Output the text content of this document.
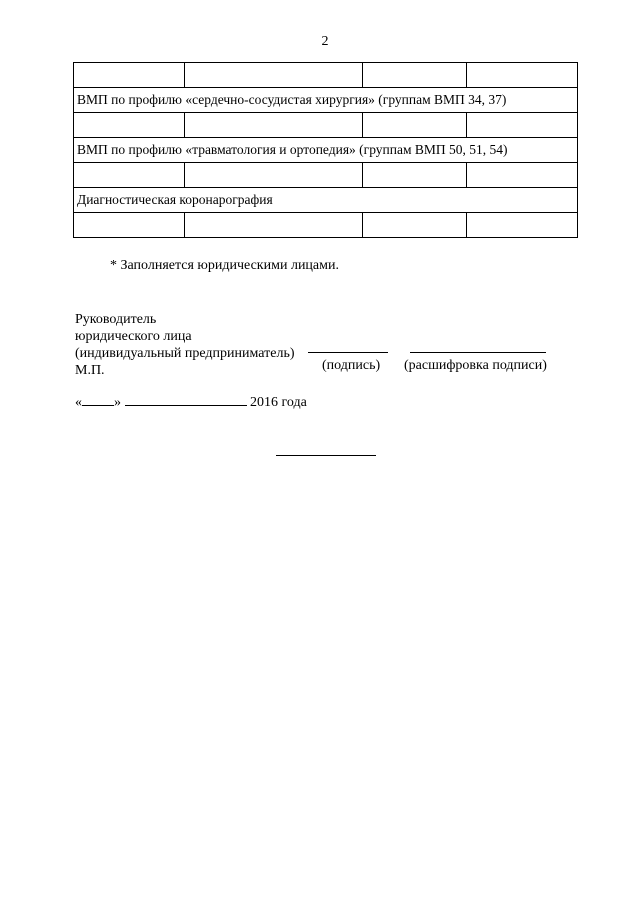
2

ВМП по профилю «сердечно-сосудистая хирургия» (группам ВМП 34, 37)			

ВМП по профилю «травматология и ортопедия» (группам ВМП 50, 51, 54)			

Диагностическая коронарография			

* Заполняется юридическими лицами.
Руководитель
юридического лица
(индивидуальный предприниматель)
М.П.	(подпись) (расшифровка подписи)
« »	2016 года
